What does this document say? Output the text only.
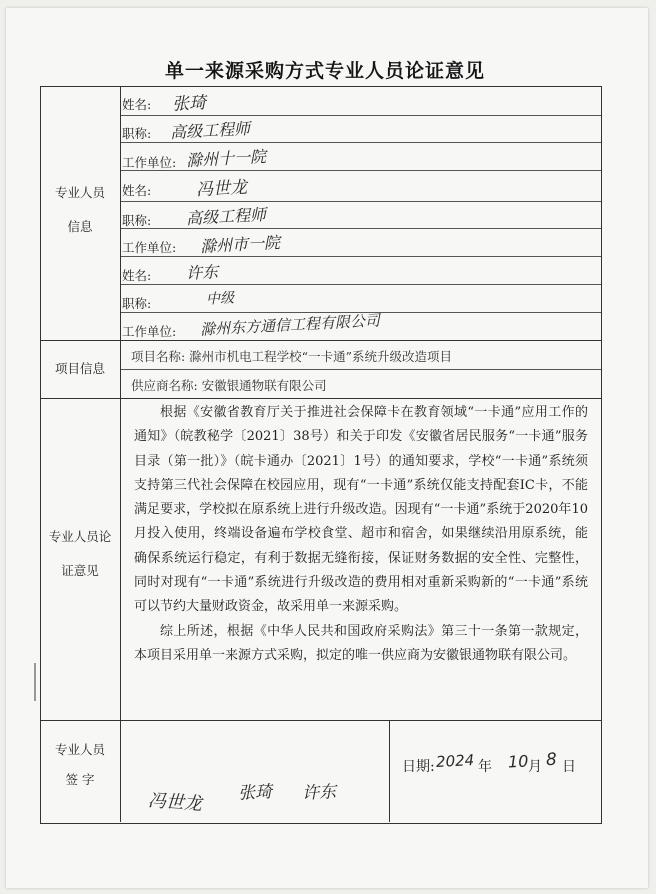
单一来源采购方式专业人员论证意见
专业人员
信息
姓名: 张琦
职称: 高级工程师
工作单位: 滁州十一院
姓名:	冯世龙
职称: 高级工程师
工作单位: 滁州市一院
姓名: 许东
职称:	中级
工作单位: 滁州东方通信工程有限公司
项目信息
项目名称: 滁州市机电工程学校“一卡通”系统升级改造项目
供应商名称: 安徽银通物联有限公司
专业人员论
证意见

根据《安徽省教育厅关于推进社会保障卡在教育领域“一卡通”应用工作的通知》（皖教秘学〔2021〕38号）和关于印发《安徽省居民服务“一卡通”服务目录（第一批）》（皖卡通办〔2021〕1号）的通知要求，学校“一卡通”系统须支持第三代社会保障在校园应用，现有“一卡通”系统仅能支持配套IC卡，不能满足要求，学校拟在原系统上进行升级改造。因现有“一卡通”系统于2020年10月投入使用，终端设备遍布学校食堂、超市和宿舍，如果继续沿用原系统，能确保系统运行稳定，有利于数据无缝衔接，保证财务数据的安全性、完整性，同时对现有“一卡通”系统进行升级改造的费用相对重新采购新的“一卡通”系统可以节约大量财政资金，故采用单一来源采购。

综上所述，根据《中华人民共和国政府采购法》第三十一条第一款规定，本项目采用单一来源方式采购，拟定的唯一供应商为安徽银通物联有限公司。

专业人员
签 字
冯世龙 张琦 许东
日期: 2024 年 10 月 8 日
